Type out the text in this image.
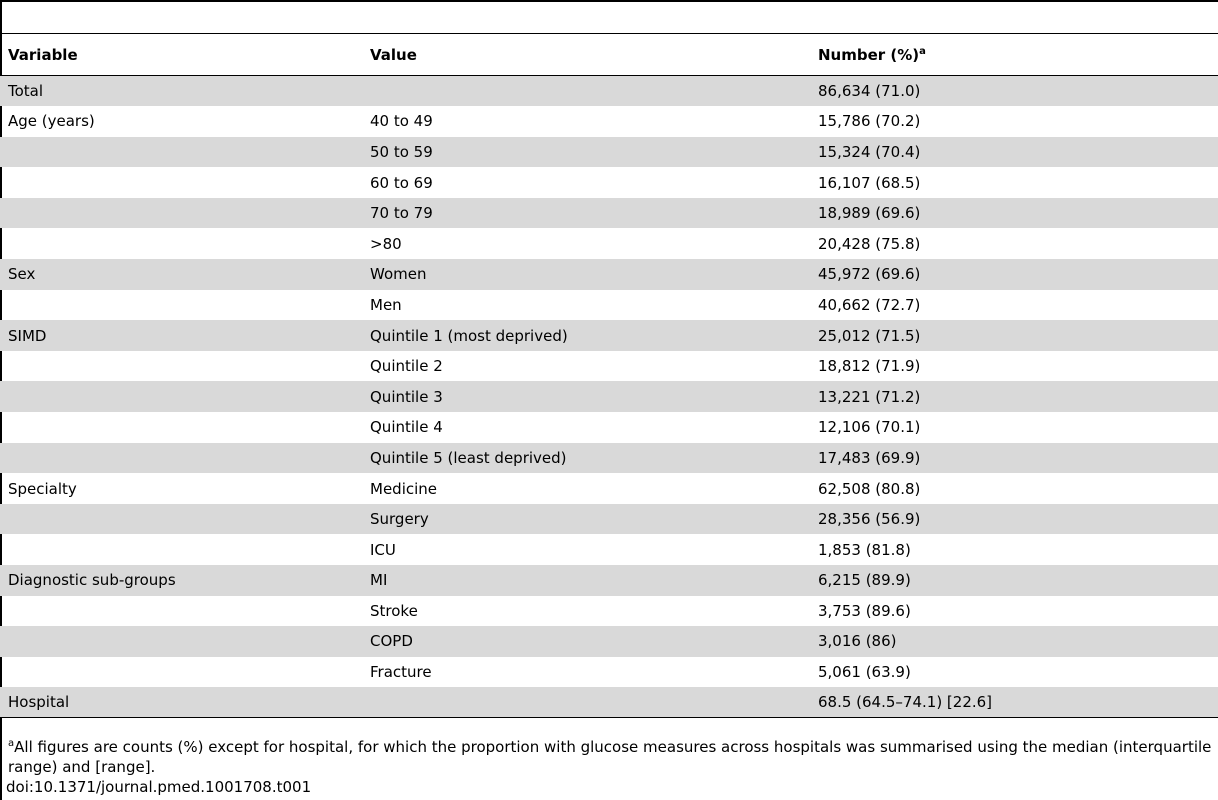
Variable	Value	Number (%)$^a$
Total		86,634 (71.0)
Age (years)	40 to 49	15,786 (70.2)
	50 to 59	15,324 (70.4)
	60 to 69	16,107 (68.5)
	70 to 79	18,989 (69.6)
	>80	20,428 (75.8)
Sex	Women	45,972 (69.6)
	Men	40,662 (72.7)
SIMD	Quintile 1 (most deprived)	25,012 (71.5)
	Quintile 2	18,812 (71.9)
	Quintile 3	13,221 (71.2)
	Quintile 4	12,106 (70.1)
	Quintile 5 (least deprived)	17,483 (69.9)
Specialty	Medicine	62,508 (80.8)
	Surgery	28,356 (56.9)
	ICU	1,853 (81.8)
Diagnostic sub-groups	MI	6,215 (89.9)
	Stroke	3,753 (89.6)
	COPD	3,016 (86)
	Fracture	5,061 (63.9)
Hospital		68.5 (64.5–74.1) [22.6]
$^a$All figures are counts (%) except for hospital, for which the proportion with glucose measures across hospitals was summarised using the median (interquartile range) and [range].
doi:10.1371/journal.pmed.1001708.t001
